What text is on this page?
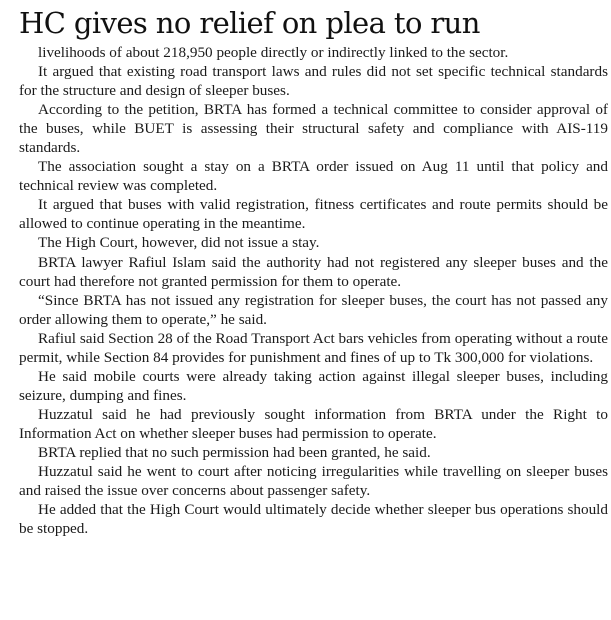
HC gives no relief on plea to run

livelihoods of about 218,950 people directly or indirectly linked to the sector.

It argued that existing road transport laws and rules did not set specific technical standards for the structure and design of sleeper buses.

According to the petition, BRTA has formed a technical committee to consider approval of the buses, while BUET is assessing their structural safety and compliance with AIS-119 standards.

The association sought a stay on a BRTA order issued on Aug 11 until that policy and technical review was completed.

It argued that buses with valid registration, fitness certificates and route permits should be allowed to continue operating in the meantime.

The High Court, however, did not issue a stay.

BRTA lawyer Rafiul Islam said the authority had not registered any sleeper buses and the court had therefore not granted permission for them to operate.

“Since BRTA has not issued any registration for sleeper buses, the court has not passed any order allowing them to operate,” he said.

Rafiul said Section 28 of the Road Transport Act bars vehicles from operating without a route permit, while Section 84 provides for punishment and fines of up to Tk 300,000 for violations.

He said mobile courts were already taking action against illegal sleeper buses, including seizure, dumping and fines.

Huzzatul said he had previously sought information from BRTA under the Right to Information Act on whether sleeper buses had permission to operate.

BRTA replied that no such permission had been granted, he said.

Huzzatul said he went to court after noticing irregularities while travelling on sleeper buses and raised the issue over concerns about passenger safety.

He added that the High Court would ultimately decide whether sleeper bus operations should be stopped.
